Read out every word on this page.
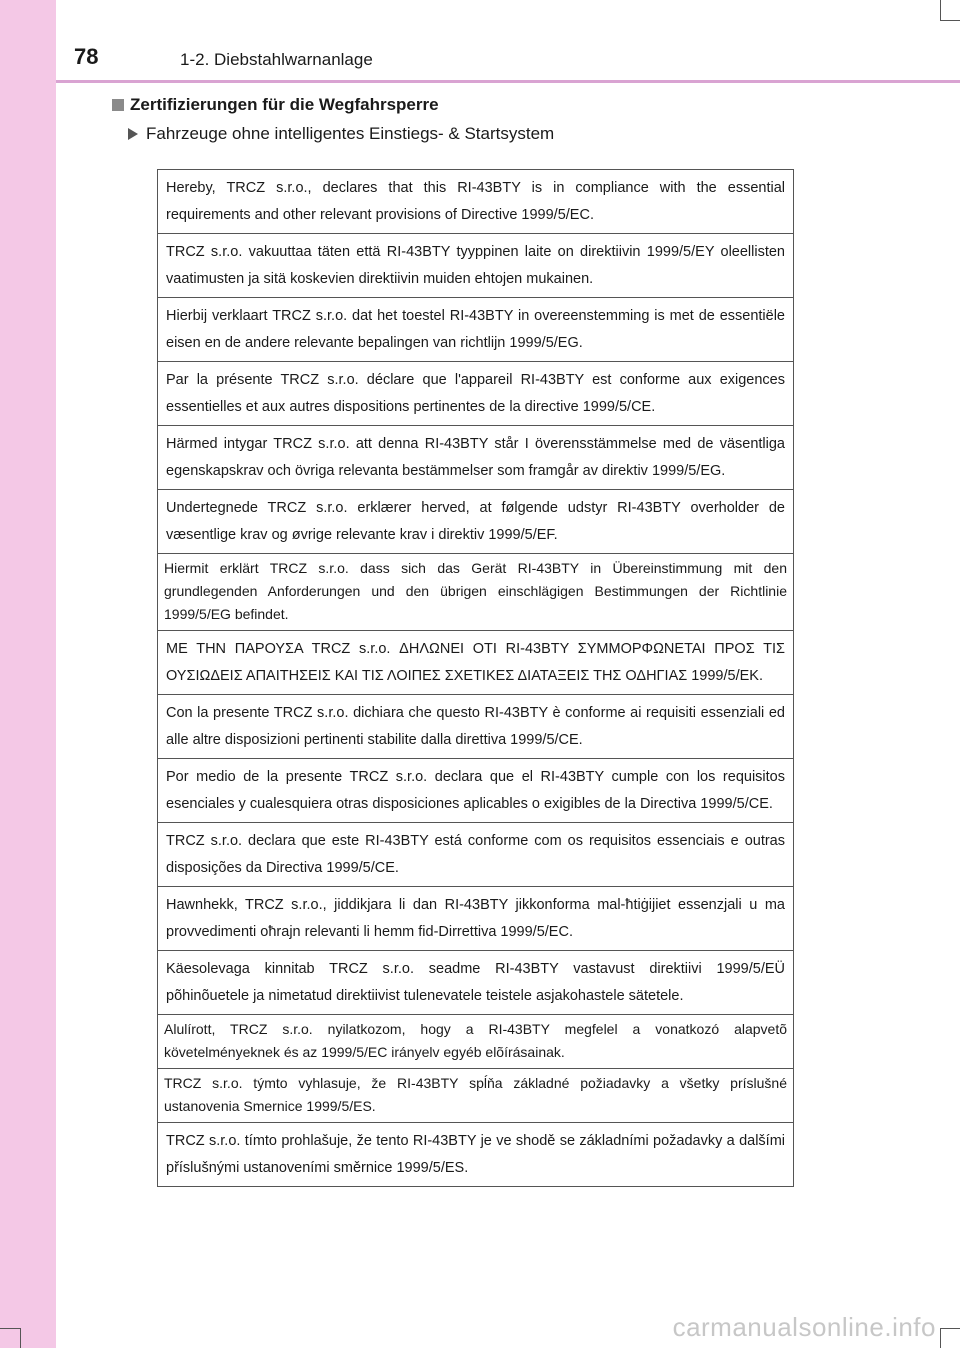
78	1-2. Diebstahlwarnanlage
Zertifizierungen für die Wegfahrsperre
Fahrzeuge ohne intelligentes Einstiegs- & Startsystem
Hereby, TRCZ s.r.o., declares that this RI-43BTY is in compliance with the essential requirements and other relevant provisions of Directive 1999/5/EC.
TRCZ s.r.o. vakuuttaa täten että RI-43BTY tyyppinen laite on direktiivin 1999/5/EY oleellisten vaatimusten ja sitä koskevien direktiivin muiden ehtojen mukainen.
Hierbij verklaart TRCZ s.r.o. dat het toestel RI-43BTY in overeenstemming is met de essentiële eisen en de andere relevante bepalingen van richtlijn 1999/5/EG.
Par la présente TRCZ s.r.o. déclare que l'appareil RI-43BTY est conforme aux exigences essentielles et aux autres dispositions pertinentes de la directive 1999/5/CE.
Härmed intygar TRCZ s.r.o. att denna RI-43BTY står I överensstämmelse med de väsentliga egenskapskrav och övriga relevanta bestämmelser som framgår av direktiv 1999/5/EG.
Undertegnede TRCZ s.r.o. erklærer herved, at følgende udstyr RI-43BTY overholder de væsentlige krav og øvrige relevante krav i direktiv 1999/5/EF.
Hiermit erklärt TRCZ s.r.o. dass sich das Gerät RI-43BTY in Übereinstimmung mit den grundlegenden Anforderungen und den übrigen einschlägigen Bestimmungen der Richtlinie 1999/5/EG befindet.
ΜΕ ΤΗΝ ΠΑΡΟΥΣΑ TRCZ s.r.o. ΔΗΛΩΝΕΙ ΟΤΙ RI-43BTY ΣΥΜΜΟΡΦΩΝΕΤΑΙ ΠΡΟΣ ΤΙΣ ΟΥΣΙΩΔΕΙΣ ΑΠΑΙΤΗΣΕΙΣ ΚΑΙ ΤΙΣ ΛΟΙΠΕΣ ΣΧΕΤΙΚΕΣ ΔΙΑΤΑΞΕΙΣ ΤΗΣ ΟΔΗΓΙΑΣ 1999/5/ΕΚ.
Con la presente TRCZ s.r.o. dichiara che questo RI-43BTY è conforme ai requisiti essenziali ed alle altre disposizioni pertinenti stabilite dalla direttiva 1999/5/CE.
Por medio de la presente TRCZ s.r.o. declara que el RI-43BTY cumple con los requisitos esenciales y cualesquiera otras disposiciones aplicables o exigibles de la Directiva 1999/5/CE.
TRCZ s.r.o. declara que este RI-43BTY está conforme com os requisitos essenciais e outras disposições da Directiva 1999/5/CE.
Hawnhekk, TRCZ s.r.o., jiddikjara li dan RI-43BTY jikkonforma mal-ħtiġijiet essenzjali u ma provvedimenti oħrajn relevanti li hemm fid-Dirrettiva 1999/5/EC.
Käesolevaga kinnitab TRCZ s.r.o. seadme RI-43BTY vastavust direktiivi 1999/5/EÜ põhinõuetele ja nimetatud direktiivist tulenevatele teistele asjakohastele sätetele.
Alulírott, TRCZ s.r.o. nyilatkozom, hogy a RI-43BTY megfelel a vonatkozó alapvetõ követelményeknek és az 1999/5/EC irányelv egyéb elõírásainak.
TRCZ s.r.o. týmto vyhlasuje, že RI-43BTY spĺňa základné požiadavky a všetky príslušné ustanovenia Smernice 1999/5/ES.
TRCZ s.r.o. tímto prohlašuje, že tento RI-43BTY je ve shodě se základními požadavky a dalšími příslušnými ustanoveními směrnice 1999/5/ES.
carmanualsonline.info
